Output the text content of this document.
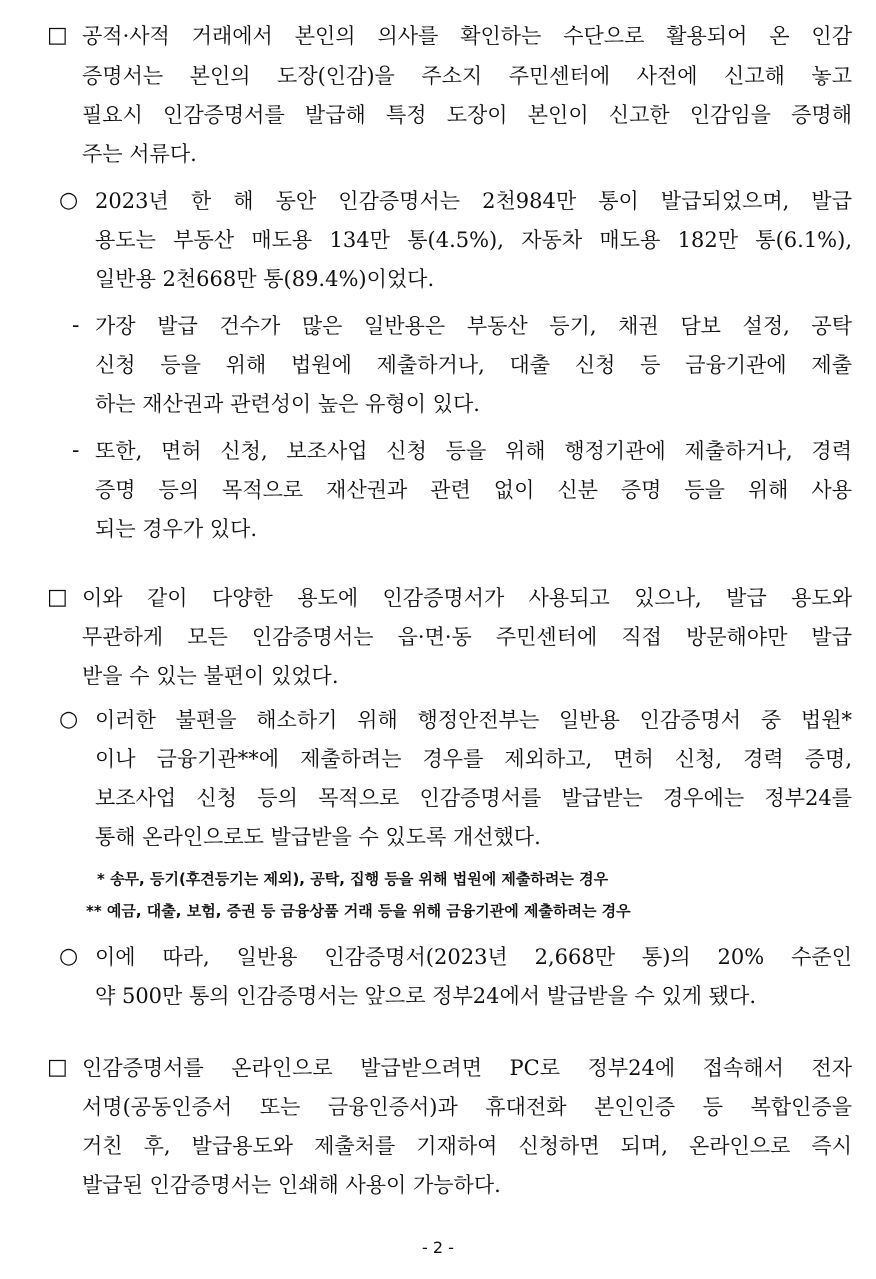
□ 공적·사적 거래에서 본인의 의사를 확인하는 수단으로 활용되어 온 인감
증명서는 본인의 도장(인감)을 주소지 주민센터에 사전에 신고해 놓고
필요시 인감증명서를 발급해 특정 도장이 본인이 신고한 인감임을 증명해
주는 서류다.
○ 2023년 한 해 동안 인감증명서는 2천984만 통이 발급되었으며, 발급
용도는 부동산 매도용 134만 통(4.5%), 자동차 매도용 182만 통(6.1%),
일반용 2천668만 통(89.4%)이었다.
- 가장 발급 건수가 많은 일반용은 부동산 등기, 채권 담보 설정, 공탁
신청 등을 위해 법원에 제출하거나, 대출 신청 등 금융기관에 제출
하는 재산권과 관련성이 높은 유형이 있다.
- 또한, 면허 신청, 보조사업 신청 등을 위해 행정기관에 제출하거나, 경력
증명 등의 목적으로 재산권과 관련 없이 신분 증명 등을 위해 사용
되는 경우가 있다.
□ 이와 같이 다양한 용도에 인감증명서가 사용되고 있으나, 발급 용도와
무관하게 모든 인감증명서는 읍·면·동 주민센터에 직접 방문해야만 발급
받을 수 있는 불편이 있었다.
○ 이러한 불편을 해소하기 위해 행정안전부는 일반용 인감증명서 중 법원*
이나 금융기관**에 제출하려는 경우를 제외하고, 면허 신청, 경력 증명,
보조사업 신청 등의 목적으로 인감증명서를 발급받는 경우에는 정부24를
통해 온라인으로도 발급받을 수 있도록 개선했다.
* 송무, 등기(후견등기는 제외), 공탁, 집행 등을 위해 법원에 제출하려는 경우
** 예금, 대출, 보험, 증권 등 금융상품 거래 등을 위해 금융기관에 제출하려는 경우
○ 이에 따라, 일반용 인감증명서(2023년 2,668만 통)의 20% 수준인
약 500만 통의 인감증명서는 앞으로 정부24에서 발급받을 수 있게 됐다.
□ 인감증명서를 온라인으로 발급받으려면 PC로 정부24에 접속해서 전자
서명(공동인증서 또는 금융인증서)과 휴대전화 본인인증 등 복합인증을
거친 후, 발급용도와 제출처를 기재하여 신청하면 되며, 온라인으로 즉시
발급된 인감증명서는 인쇄해 사용이 가능하다.
- 2 -
